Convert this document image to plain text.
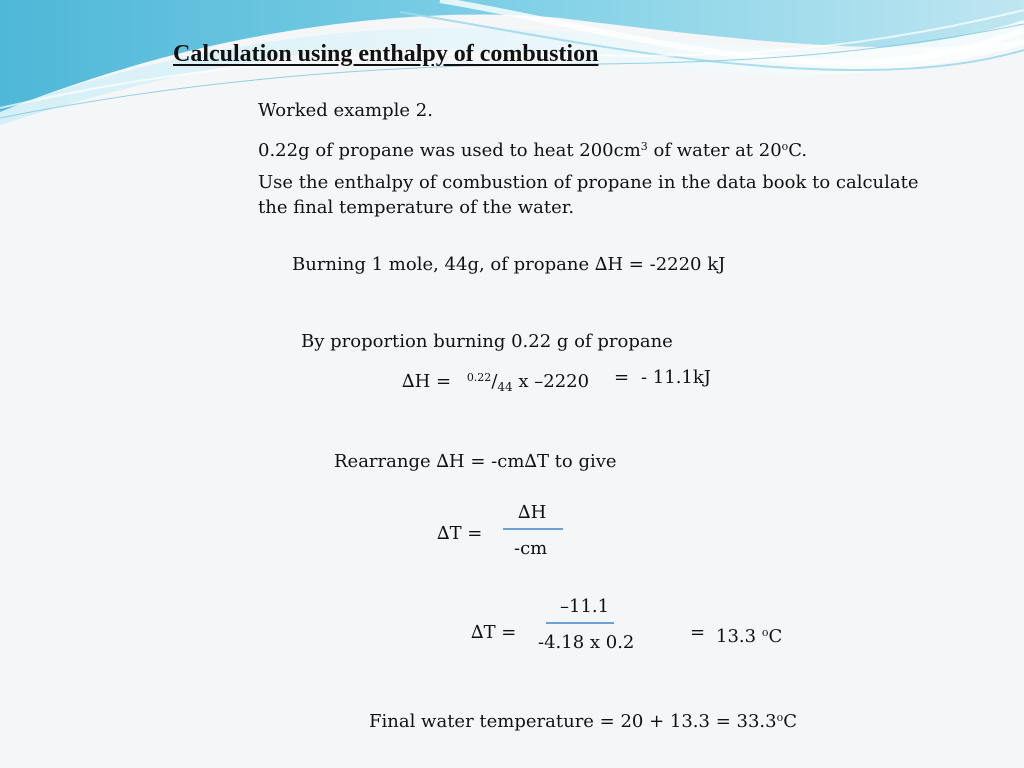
Calculation using enthalpy of combustion
Worked example 2.
0.22g of propane was used to heat $200cm^3$ of water at 20$^o$C.
Use the enthalpy of combustion of propane in the data book to calculate the final temperature of the water.
Burning 1 mole, 44g, of propane ∆H = -2220 kJ
By proportion burning 0.22 g of propane
$\Delta H = ^{0.22}/_{44}$ x –2220 = - 11.1kJ
Rearrange ∆H = -cm∆T to give
∆T =
∆H
-cm
∆T =
–11.1
-4.18 x 0.2	= 13.3 $^o$C
Final water temperature = $20 + 13.3 = 33.3^oC$
